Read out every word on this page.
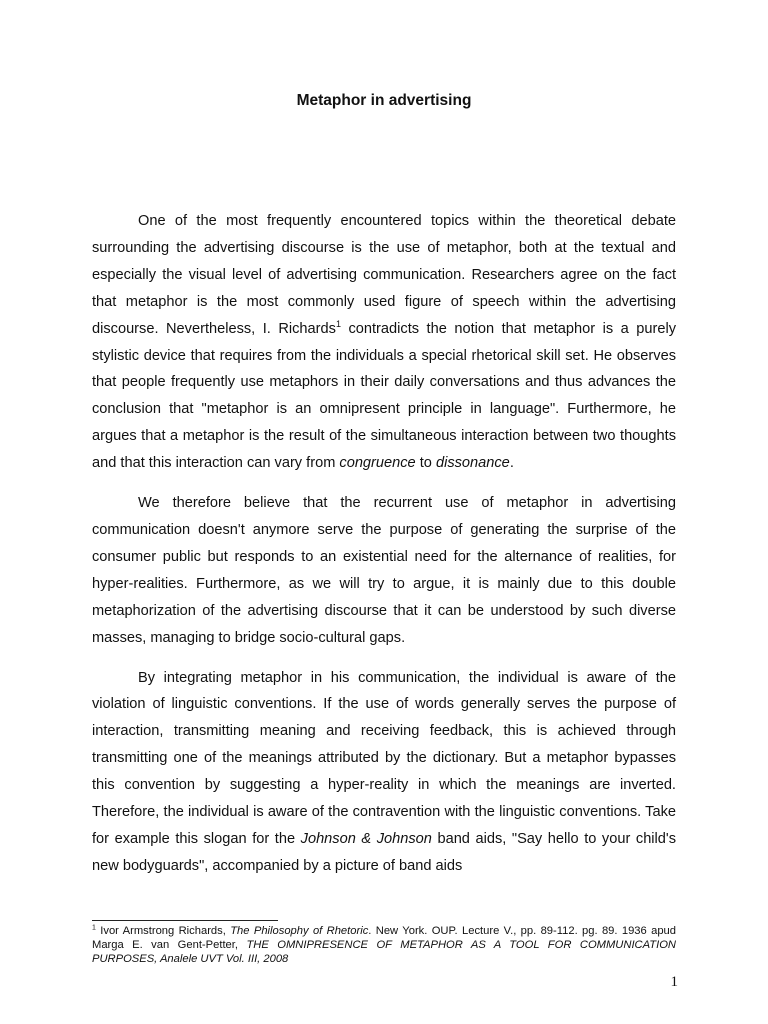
Metaphor in advertising

One of the most frequently encountered topics within the theoretical debate surrounding the advertising discourse is the use of metaphor, both at the textual and especially the visual level of advertising communication. Researchers agree on the fact that metaphor is the most commonly used figure of speech within the advertising discourse. Nevertheless, I. Richards$^1$ contradicts the notion that metaphor is a purely stylistic device that requires from the individuals a special rhetorical skill set. He observes that people frequently use metaphors in their daily conversations and thus advances the conclusion that "metaphor is an omnipresent principle in language". Furthermore, he argues that a metaphor is the result of the simultaneous interaction between two thoughts and that this interaction can vary from congruence to dissonance.

We therefore believe that the recurrent use of metaphor in advertising communication doesn't anymore serve the purpose of generating the surprise of the consumer public but responds to an existential need for the alternance of realities, for hyper-realities. Furthermore, as we will try to argue, it is mainly due to this double metaphorization of the advertising discourse that it can be understood by such diverse masses, managing to bridge socio-cultural gaps.

By integrating metaphor in his communication, the individual is aware of the violation of linguistic conventions. If the use of words generally serves the purpose of interaction, transmitting meaning and receiving feedback, this is achieved through transmitting one of the meanings attributed by the dictionary. But a metaphor bypasses this convention by suggesting a hyper-reality in which the meanings are inverted. Therefore, the individual is aware of the contravention with the linguistic conventions. Take for example this slogan for the Johnson & Johnson band aids, "Say hello to your child's new bodyguards", accompanied by a picture of band aids

$^1$ Ivor Armstrong Richards, The Philosophy of Rhetoric. New York. OUP. Lecture V., pp. 89-112. pg. 89. 1936 apud Marga E. van Gent-Petter, THE OMNIPRESENCE OF METAPHOR AS A TOOL FOR COMMUNICATION PURPOSES, Analele UVT Vol. III, 2008
1
